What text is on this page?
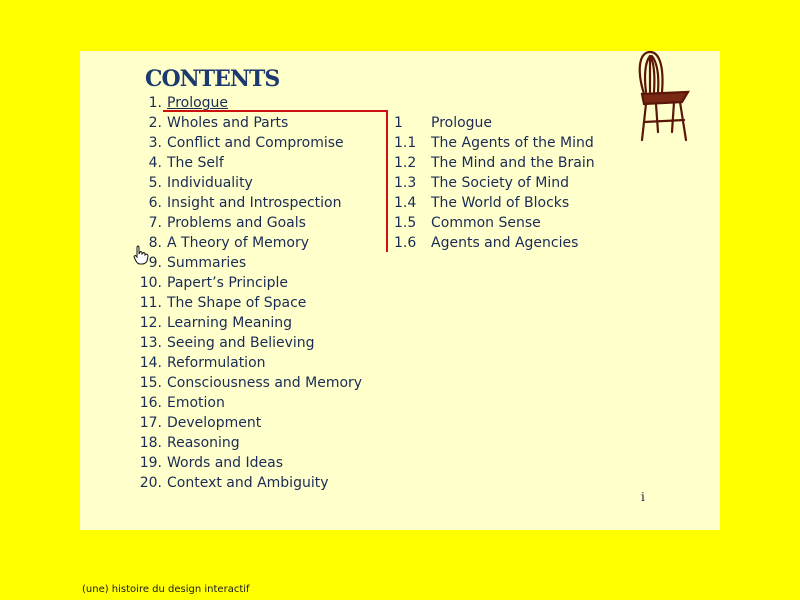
CONTENTS
1. Prologue
2. Wholes and Parts
3. Conflict and Compromise
4. The Self
5. Individuality
6. Insight and Introspection
7. Problems and Goals
8. A Theory of Memory
9. Summaries
10. Papert’s Principle
11. The Shape of Space
12. Learning Meaning
13. Seeing and Believing
14. Reformulation
15. Consciousness and Memory
16. Emotion
17. Development
18. Reasoning
19. Words and Ideas
20. Context and Ambiguity
1 Prologue
1.1 The Agents of the Mind
1.2 The Mind and the Brain
1.3 The Society of Mind
1.4 The World of Blocks
1.5 Common Sense
1.6 Agents and Agencies
i
(une) histoire du design interactif
